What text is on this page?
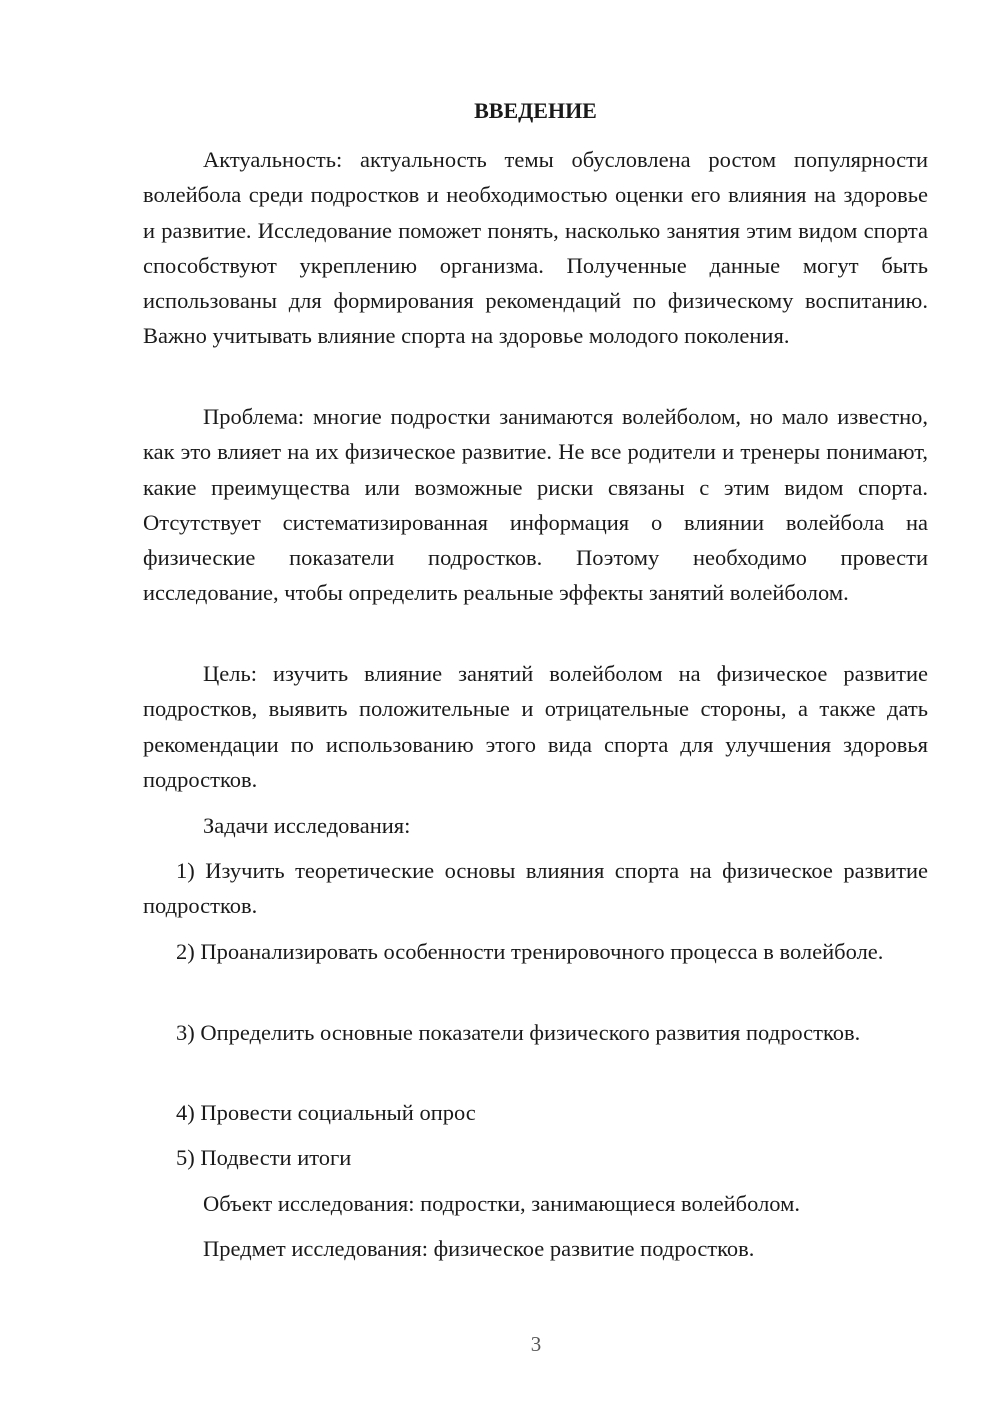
ВВЕДЕНИЕ

Актуальность: актуальность темы обусловлена ростом популярности волейбола среди подростков и необходимостью оценки его влияния на здоровье и развитие. Исследование поможет понять, насколько занятия этим видом спорта способствуют укреплению организма. Полученные данные могут быть использованы для формирования рекомендаций по физическому воспитанию. Важно учитывать влияние спорта на здоровье молодого поколения.

Проблема: многие подростки занимаются волейболом, но мало известно, как это влияет на их физическое развитие. Не все родители и тренеры понимают, какие преимущества или возможные риски связаны с этим видом спорта. Отсутствует систематизированная информация о влиянии волейбола на физические показатели подростков. Поэтому необходимо провести исследование, чтобы определить реальные эффекты занятий волейболом.

Цель: изучить влияние занятий волейболом на физическое развитие подростков, выявить положительные и отрицательные стороны, а также дать рекомендации по использованию этого вида спорта для улучшения здоровья подростков.

Задачи исследования:

1) Изучить теоретические основы влияния спорта на физическое развитие подростков.

2) Проанализировать особенности тренировочного процесса в волейболе.

3) Определить основные показатели физического развития подростков.

4) Провести социальный опрос

5) Подвести итоги

Объект исследования: подростки, занимающиеся волейболом.

Предмет исследования: физическое развитие подростков.

3
